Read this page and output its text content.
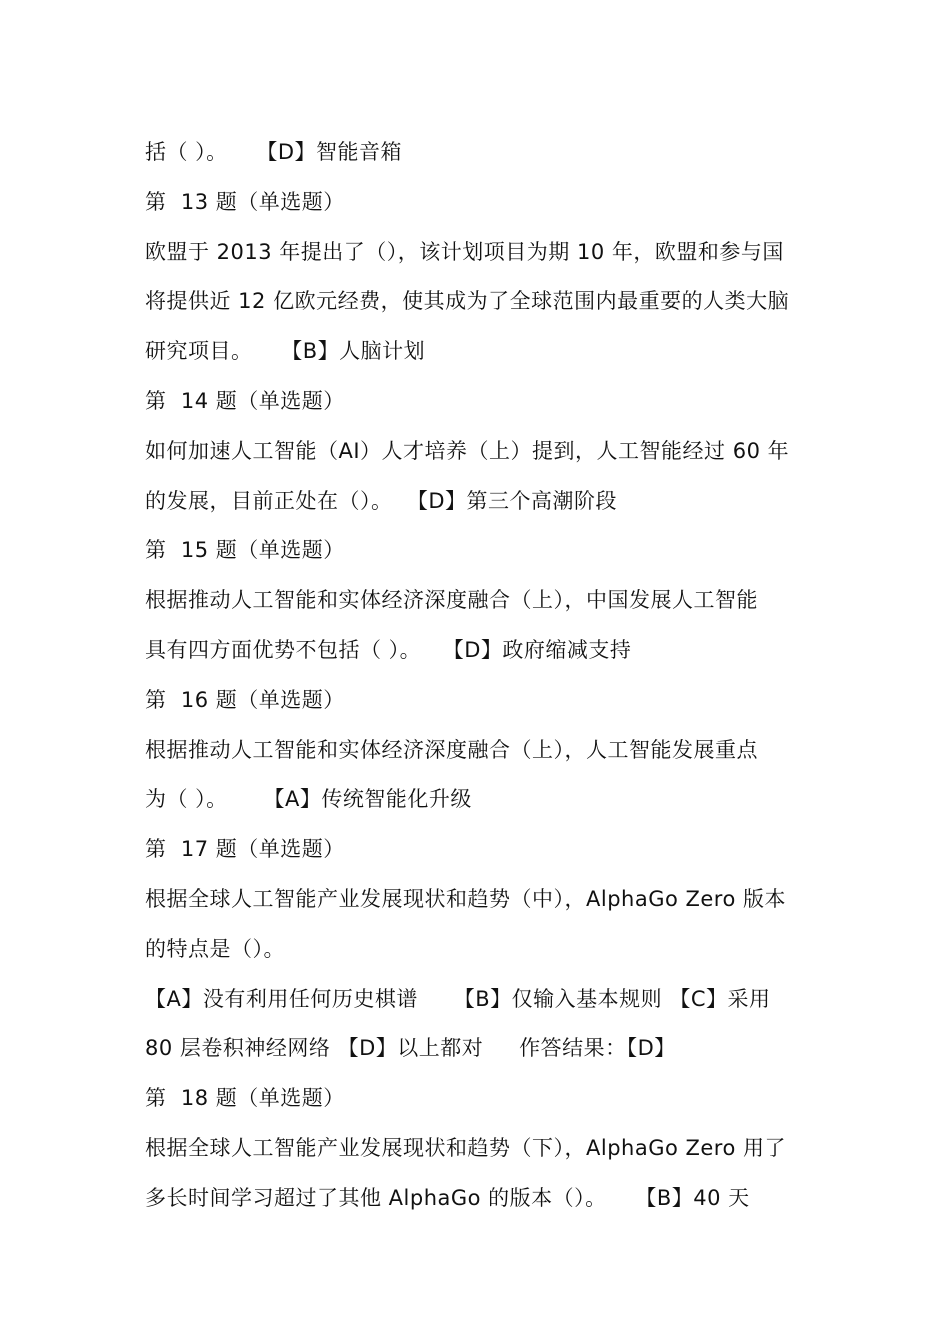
括（ ）。    【D】智能音箱
第  13 题（单选题）
欧盟于 2013 年提出了（），该计划项目为期 10 年，欧盟和参与国
将提供近 12 亿欧元经费，使其成为了全球范围内最重要的人类大脑
研究项目。    【B】人脑计划
第  14 题（单选题）
如何加速人工智能（AI）人才培养（上）提到，人工智能经过 60 年
的发展，目前正处在（）。  【D】第三个高潮阶段
第  15 题（单选题）
根据推动人工智能和实体经济深度融合（上），中国发展人工智能
具有四方面优势不包括（ ）。   【D】政府缩减支持
第  16 题（单选题）
根据推动人工智能和实体经济深度融合（上），人工智能发展重点
为（ ）。     【A】传统智能化升级
第  17 题（单选题）
根据全球人工智能产业发展现状和趋势（中），AlphaGo Zero 版本
的特点是（）。
【A】没有利用任何历史棋谱     【B】仅输入基本规则 【C】采用
80 层卷积神经网络 【D】以上都对     作答结果：【D】
第  18 题（单选题）
根据全球人工智能产业发展现状和趋势（下），AlphaGo Zero 用了
多长时间学习超过了其他 AlphaGo 的版本（）。    【B】40 天
